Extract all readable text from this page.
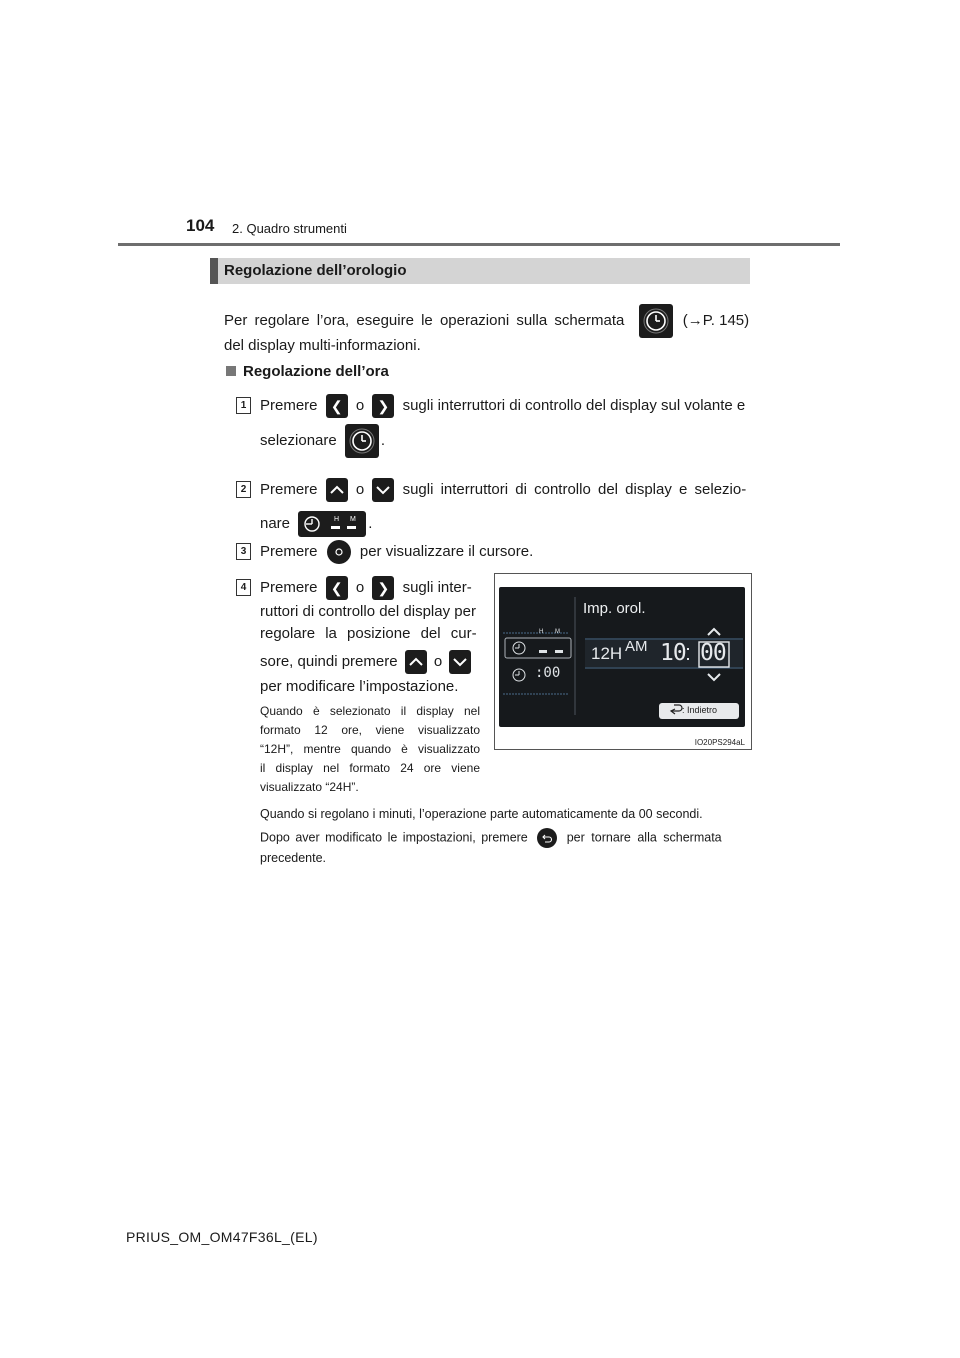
104 2. Quadro strumenti
Regolazione dell’orologio
Per regolare l’ora, eseguire le operazioni sulla schermata	(→P. 145)
del display multi-informazioni.
Regolazione dell’ora
1 Premere ❮ o ❯ sugli interruttori di controllo del display sul volante e
selezionare	.
2 Premere	o	sugli interruttori di controllo del display e selezio-
nare	H M .
3 Premere	per visualizzare il cursore.
4 Premere ❮ o ❯ sugli inter-
ruttori di controllo del display per
regolare la posizione del cur-
sore, quindi premere o
per modificare l’impostazione.
Quando è selezionato il display nel
formato 12 ore, viene visualizzato
“12H”, mentre quando è visualizzato
il display nel formato 24 ore viene
visualizzato “24H”.
Imp. orol.
H M
:00
12H AM 10 00
: Indietro
IO20PS294aL
Quando si regolano i minuti, l’operazione parte automaticamente da 00 secondi.
Dopo aver modificato le impostazioni, premere	per tornare alla schermata
precedente.
PRIUS_OM_OM47F36L_(EL)
